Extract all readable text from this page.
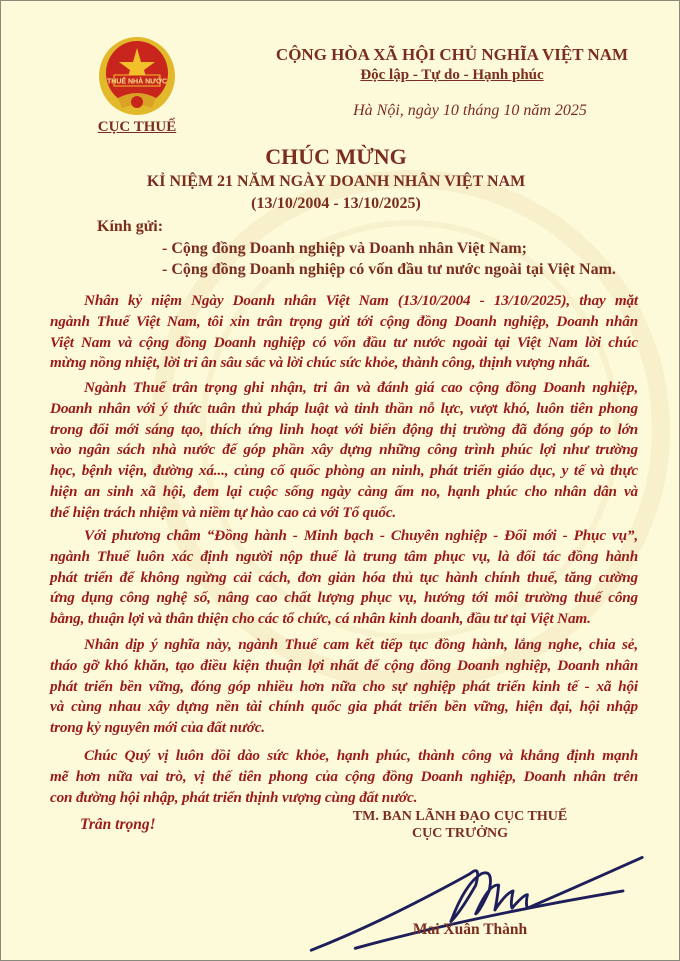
THUẾ NHÀ NƯỚC
CỤC THUẾ
CỘNG HÒA XÃ HỘI CHỦ NGHĨA VIỆT NAM
Độc lập - Tự do - Hạnh phúc
Hà Nội, ngày 10 tháng 10 năm 2025
CHÚC MỪNG
KỈ NIỆM 21 NĂM NGÀY DOANH NHÂN VIỆT NAM
(13/10/2004 - 13/10/2025)
Kính gửi:
- Cộng đồng Doanh nghiệp và Doanh nhân Việt Nam;
- Cộng đồng Doanh nghiệp có vốn đầu tư nước ngoài tại Việt Nam.
Nhân kỷ niệm Ngày Doanh nhân Việt Nam (13/10/2004 - 13/10/2025), thay mặt
ngành Thuế Việt Nam, tôi xin trân trọng gửi tới cộng đồng Doanh nghiệp, Doanh nhân
Việt Nam và cộng đồng Doanh nghiệp có vốn đầu tư nước ngoài tại Việt Nam lời chúc
mừng nồng nhiệt, lời tri ân sâu sắc và lời chúc sức khỏe, thành công, thịnh vượng nhất.
Ngành Thuế trân trọng ghi nhận, tri ân và đánh giá cao cộng đồng Doanh nghiệp,
Doanh nhân với ý thức tuân thủ pháp luật và tinh thần nỗ lực, vượt khó, luôn tiên phong
trong đổi mới sáng tạo, thích ứng linh hoạt với biến động thị trường đã đóng góp to lớn
vào ngân sách nhà nước để góp phần xây dựng những công trình phúc lợi như trường
học, bệnh viện, đường xá..., củng cố quốc phòng an ninh, phát triển giáo dục, y tế và thực
hiện an sinh xã hội, đem lại cuộc sống ngày càng ấm no, hạnh phúc cho nhân dân và
thể hiện trách nhiệm và niềm tự hào cao cả với Tổ quốc.
Với phương châm “Đồng hành - Minh bạch - Chuyên nghiệp - Đổi mới - Phục vụ”,
ngành Thuế luôn xác định người nộp thuế là trung tâm phục vụ, là đối tác đồng hành
phát triển để không ngừng cải cách, đơn giản hóa thủ tục hành chính thuế, tăng cường
ứng dụng công nghệ số, nâng cao chất lượng phục vụ, hướng tới môi trường thuế công
bằng, thuận lợi và thân thiện cho các tổ chức, cá nhân kinh doanh, đầu tư tại Việt Nam.
Nhân dịp ý nghĩa này, ngành Thuế cam kết tiếp tục đồng hành, lắng nghe, chia sẻ,
tháo gỡ khó khăn, tạo điều kiện thuận lợi nhất để cộng đồng Doanh nghiệp, Doanh nhân
phát triển bền vững, đóng góp nhiều hơn nữa cho sự nghiệp phát triển kinh tế - xã hội
và cùng nhau xây dựng nền tài chính quốc gia phát triển bền vững, hiện đại, hội nhập
trong kỷ nguyên mới của đất nước.
Chúc Quý vị luôn dồi dào sức khỏe, hạnh phúc, thành công và khẳng định mạnh
mẽ hơn nữa vai trò, vị thế tiên phong của cộng đồng Doanh nghiệp, Doanh nhân trên
con đường hội nhập, phát triển thịnh vượng cùng đất nước.
Trân trọng!	TM. BAN LÃNH ĐẠO CỤC THUẾ
CỤC TRƯỞNG
Mai Xuân Thành
